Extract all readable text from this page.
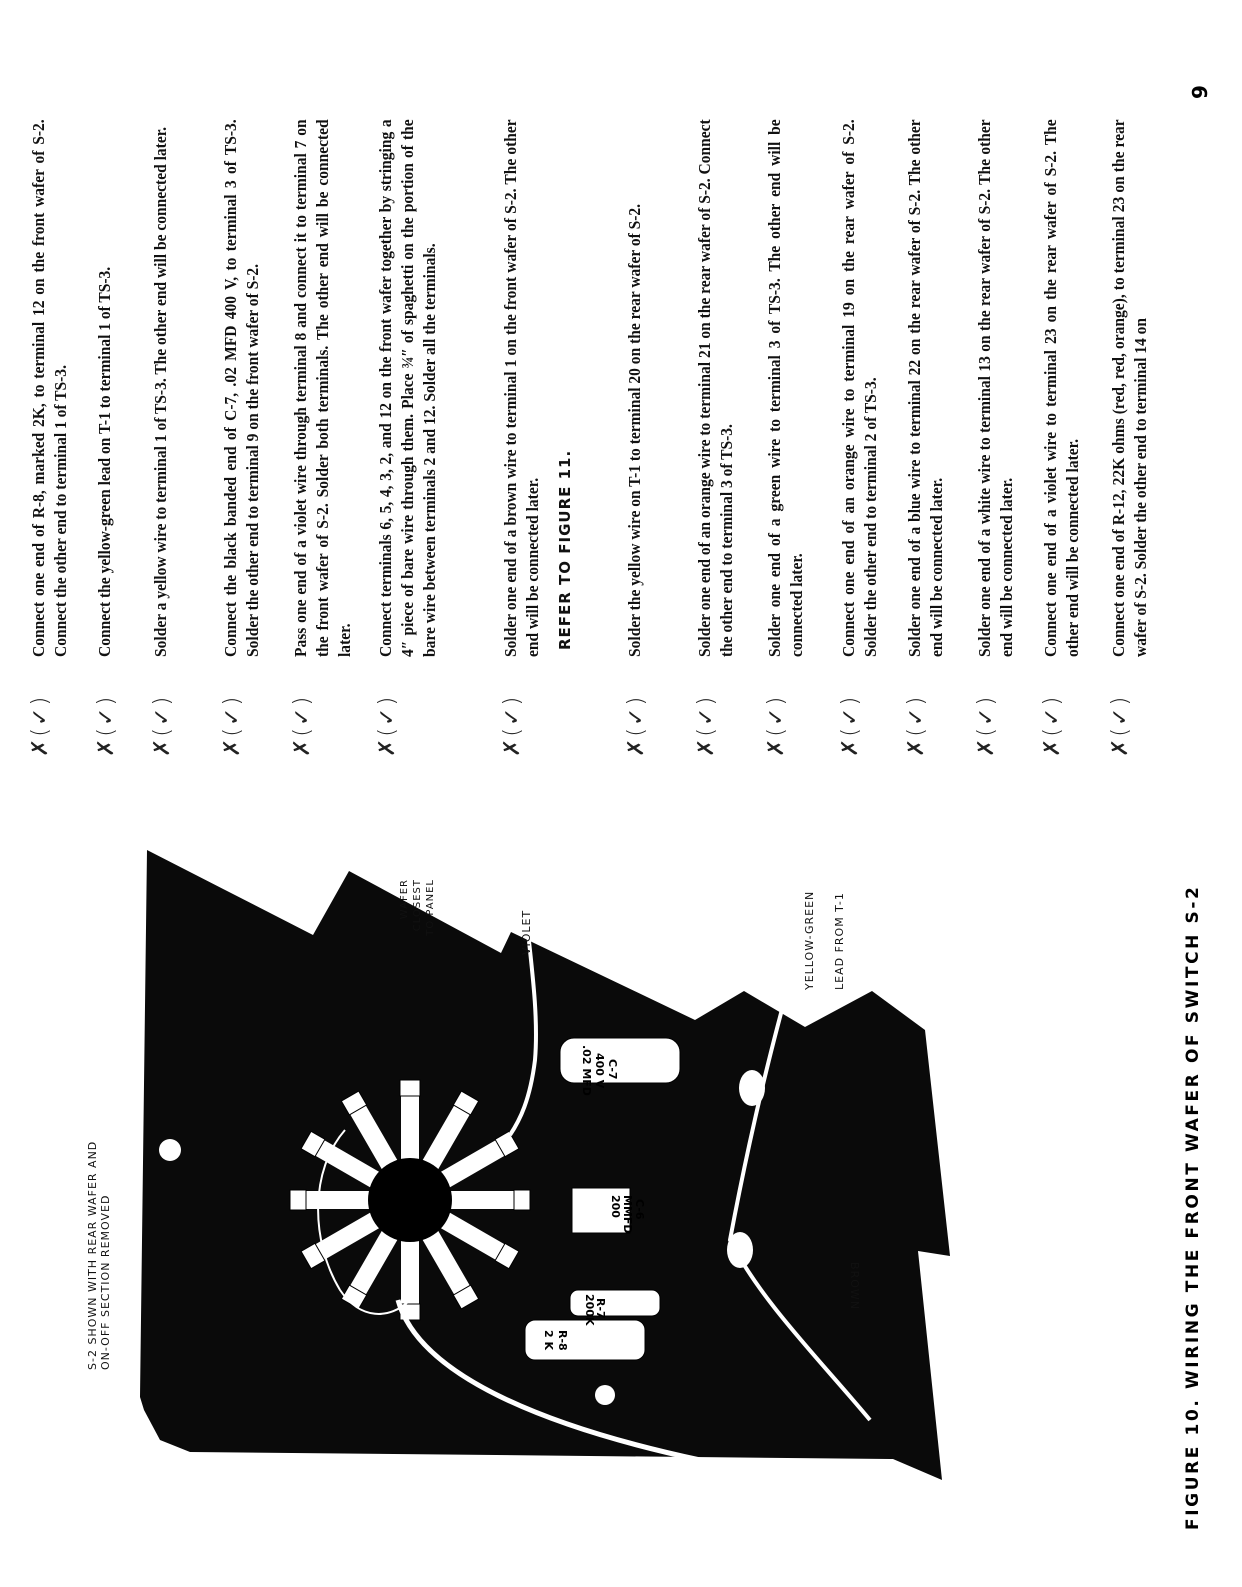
.02 MFD400 VC-7
200MMFDC-6
200KR-7
2 KR-8
✗(✓)
Connect one end of R-8, marked 2K, to terminal 12 on the front wafer of S-2. Connect the other end to terminal 1 of TS-3.
✗(✓)
Connect the yellow-green lead on T-1 to terminal 1 of TS-3.
✗(✓)
Solder a yellow wire to terminal 1 of TS-3. The other end will be connected later.
✗(✓)
Connect the black banded end of C-7, .02 MFD 400 V, to terminal 3 of TS-3. Solder the other end to terminal 9 on the front wafer of S-2.
✗(✓)
Pass one end of a violet wire through terminal 8 and connect it to terminal 7 on the front wafer of S-2. Solder both terminals. The other end will be connected later.
✗(✓)
Connect terminals 6, 5, 4, 3, 2, and 12 on the front wafer together by stringing a 4″ piece of bare wire through them. Place ¾″ of spaghetti on the portion of the bare wire between terminals 2 and 12. Solder all the terminals.
✗(✓)
Solder one end of a brown wire to terminal 1 on the front wafer of S-2. The other end will be connected later.
✗(✓)
Solder the yellow wire on T-1 to terminal 20 on the rear wafer of S-2.
✗(✓)
Solder one end of an orange wire to terminal 21 on the rear wafer of S-2. Connect the other end to terminal 3 of TS-3.
✗(✓)
Solder one end of a green wire to terminal 3 of TS-3. The other end will be connected later.
✗(✓)
Connect one end of an orange wire to terminal 19 on the rear wafer of S-2. Solder the other end to terminal 2 of TS-3.
✗(✓)
Solder one end of a blue wire to terminal 22 on the rear wafer of S-2. The other end will be connected later.
✗(✓)
Solder one end of a white wire to terminal 13 on the rear wafer of S-2. The other end will be connected later.
✗(✓)
Connect one end of a violet wire to terminal 23 on the rear wafer of S-2. The other end will be connected later.
✗(✓)
Connect one end of R-12, 22K ohms (red, red, orange), to terminal 23 on the rear wafer of S-2. Solder the other end to terminal 14 on
REFER TO FIGURE 11.
9
FIGURE 10. WIRING THE FRONT WAFER OF SWITCH S-2
S-2 SHOWN WITH REAR WAFER AND ON-OFF SECTION REMOVED
WAFER CLOSEST TO PANEL	VIOLET	YELLOW-GREEN LEAD FROM T-1
BROWN
